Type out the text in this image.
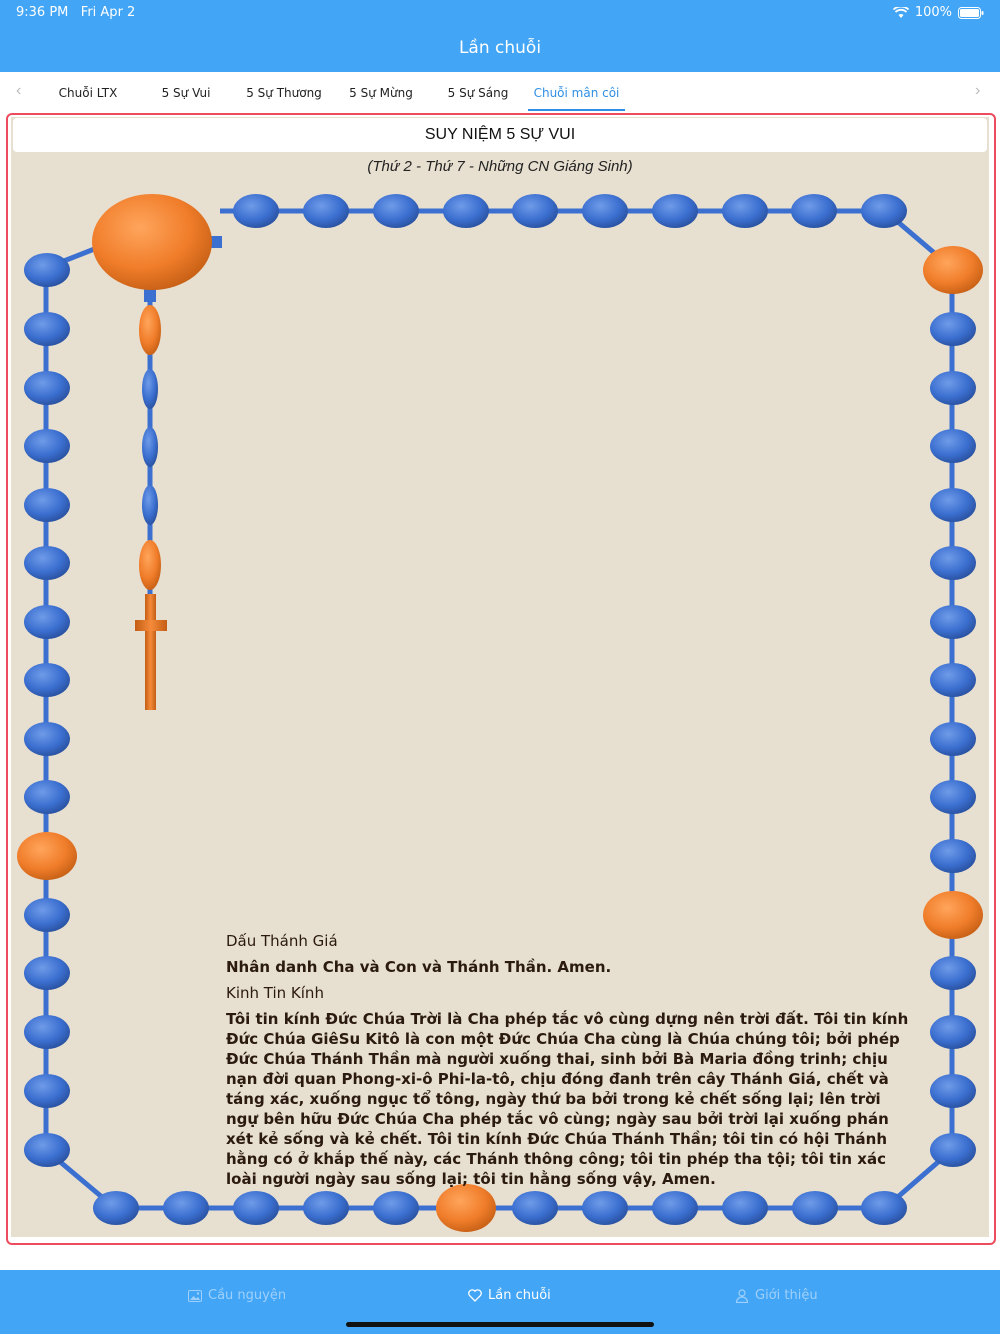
9:36 PM Fri Apr 2	100%
Lần chuỗi
‹	Chuỗi LTX	5 Sự Vui	5 Sự Thương	5 Sự Mừng	5 Sự Sáng	Chuỗi mân côi	›
SUY NIỆM 5 SỰ VUI
(Thứ 2 - Thứ 7 - Những CN Giáng Sinh)
Dấu Thánh Giá
Nhân danh Cha và Con và Thánh Thần. Amen.
Kinh Tin Kính
Tôi tin kính Đức Chúa Trời là Cha phép tắc vô cùng dựng nên trời đất. Tôi tin kính Đức Chúa GiêSu Kitô là con một Đức Chúa Cha cùng là Chúa chúng tôi; bởi phép Đức Chúa Thánh Thần mà người xuống thai, sinh bởi Bà Maria đồng trinh; chịu nạn đời quan Phong-xi-ô Phi-la-tô, chịu đóng đanh trên cây Thánh Giá, chết và táng xác, xuống ngục tổ tông, ngày thứ ba bởi trong kẻ chết sống lại; lên trời ngự bên hữu Đức Chúa Cha phép tắc vô cùng; ngày sau bởi trời lại xuống phán xét kẻ sống và kẻ chết. Tôi tin kính Đức Chúa Thánh Thần; tôi tin có hội Thánh hằng có ở khắp thế này, các Thánh thông công; tôi tin phép tha tội; tôi tin xác loài người ngày sau sống lại; tôi tin hằng sống vậy, Amen.
Cầu nguyện	Lần chuỗi	Giới thiệu
